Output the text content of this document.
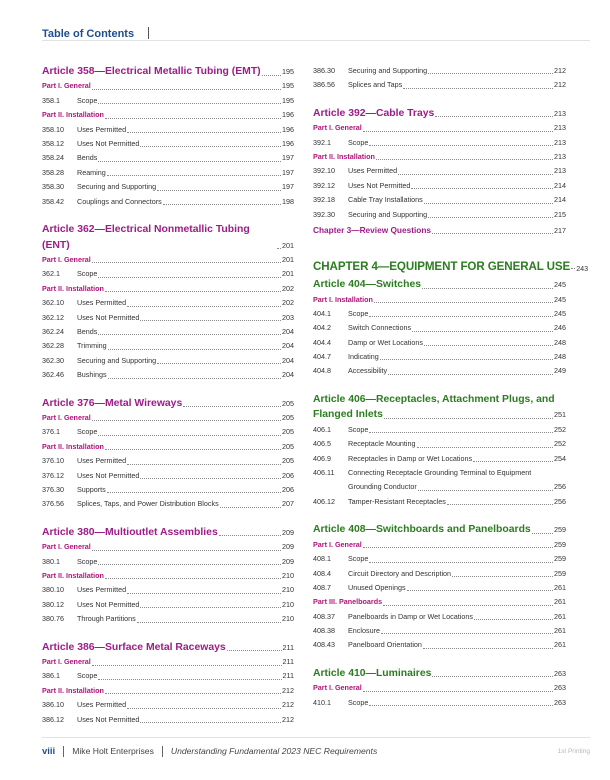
Table of Contents
Article 358—Electrical Metallic Tubing (EMT)	195
Part I. General	195
358.1	Scope	195
Part II. Installation	196
358.10	Uses Permitted	196
358.12	Uses Not Permitted	196
358.24	Bends	197
358.28	Reaming	197
358.30	Securing and Supporting	197
358.42	Couplings and Connectors	198
Article 362—Electrical Nonmetallic Tubing (ENT)	201
Part I. General	201
362.1	Scope	201
Part II. Installation	202
362.10	Uses Permitted	202
362.12	Uses Not Permitted	203
362.24	Bends	204
362.28	Trimming	204
362.30	Securing and Supporting	204
362.46	Bushings	204
Article 376—Metal Wireways	205
Part I. General	205
376.1	Scope	205
Part II. Installation	205
376.10	Uses Permitted	205
376.12	Uses Not Permitted	206
376.30	Supports	206
376.56	Splices, Taps, and Power Distribution Blocks	207
Article 380—Multioutlet Assemblies	209
Part I. General	209
380.1	Scope	209
Part II. Installation	210
380.10	Uses Permitted	210
380.12	Uses Not Permitted	210
380.76	Through Partitions	210
Article 386—Surface Metal Raceways	211
Part I. General	211
386.1	Scope	211
Part II. Installation	212
386.10	Uses Permitted	212
386.12	Uses Not Permitted	212
386.30	Securing and Supporting	212
386.56	Splices and Taps	212
Article 392—Cable Trays	213
Part I. General	213
392.1	Scope	213
Part II. Installation	213
392.10	Uses Permitted	213
392.12	Uses Not Permitted	214
392.18	Cable Tray Installations	214
392.30	Securing and Supporting	215
Chapter 3—Review Questions	217
CHAPTER 4—EQUIPMENT FOR GENERAL USE 243
Article 404—Switches	245
Part I. Installation	245
404.1	Scope	245
404.2	Switch Connections	246
404.4	Damp or Wet Locations	248
404.7	Indicating	248
404.8	Accessibility	249
Article 406—Receptacles, Attachment Plugs, and
Flanged Inlets	251
406.1	Scope	252
406.5	Receptacle Mounting	252
406.9	Receptacles in Damp or Wet Locations	254
406.11	Connecting Receptacle Grounding Terminal to Equipment
Grounding Conductor	256
406.12	Tamper-Resistant Receptacles	256
Article 408—Switchboards and Panelboards	259
Part I. General	259
408.1	Scope	259
408.4	Circuit Directory and Description	259
408.7	Unused Openings	261
Part III. Panelboards	261
408.37	Panelboards in Damp or Wet Locations	261
408.38	Enclosure	261
408.43	Panelboard Orientation	261
Article 410—Luminaires	263
Part I. General	263
410.1	Scope	263
viii Mike Holt Enterprises Understanding Fundamental 2023 NEC Requirements	1st Printing
